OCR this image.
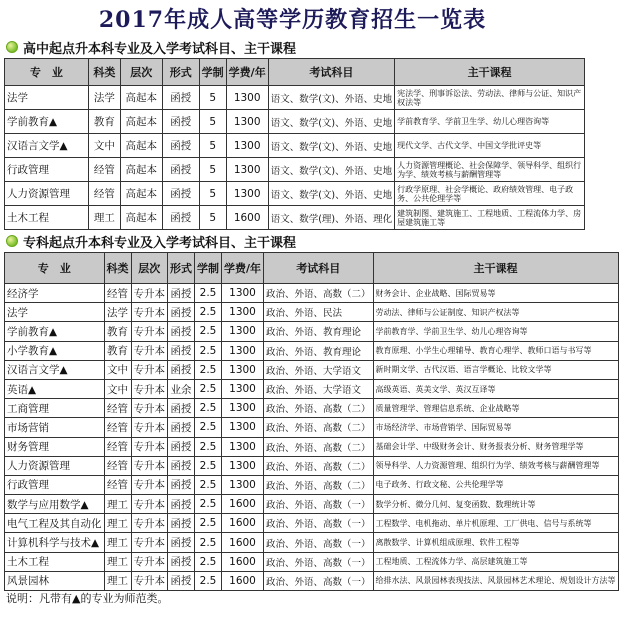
2017年成人高等学历教育招生一览表
高中起点升本科专业及入学考试科目、主干课程
专　业	科类	层次	形式	学制	学费/年	考试科目	主干课程
法学	法学	高起本	函授	5	1300	语文、数学(文)、外语、史地	宪法学、刑事诉讼法、劳动法、律师与公证、知识产权法等
学前教育▲	教育	高起本	函授	5	1300	语文、数学(文)、外语、史地	学前教育学、学前卫生学、幼儿心理咨询等
汉语言文学▲	文中	高起本	函授	5	1300	语文、数学(文)、外语、史地	现代文学、古代文学、中国文学批评史等
行政管理	经管	高起本	函授	5	1300	语文、数学(文)、外语、史地	人力资源管理概论、社会保障学、领导科学、组织行为学、绩效考核与薪酬管理等
人力资源管理	经管	高起本	函授	5	1300	语文、数学(文)、外语、史地	行政学原理、社会学概论、政府绩效管理、电子政务、公共伦理学等
土木工程	理工	高起本	函授	5	1600	语文、数学(理)、外语、理化	建筑制图、建筑施工、工程地质、工程流体力学、房屋建筑施工等
专科起点升本科专业及入学考试科目、主干课程
专　业	科类	层次	形式	学制	学费/年	考试科目	主干课程
经济学	经管	专升本	函授	2.5	1300	政治、外语、高数（二）	财务会计、企业战略、国际贸易等
法学	法学	专升本	函授	2.5	1300	政治、外语、民法	劳动法、律师与公证制度、知识产权法等
学前教育▲	教育	专升本	函授	2.5	1300	政治、外语、教育理论	学前教育学、学前卫生学、幼儿心理咨询等
小学教育▲	教育	专升本	函授	2.5	1300	政治、外语、教育理论	教育原理、小学生心理辅导、教育心理学、教师口语与书写等
汉语言文学▲	文中	专升本	函授	2.5	1300	政治、外语、大学语文	新时期文学、古代汉语、语言学概论、比较文学等
英语▲	文中	专升本	业余	2.5	1300	政治、外语、大学语文	高级英语、英美文学、英汉互译等
工商管理	经管	专升本	函授	2.5	1300	政治、外语、高数（二）	质量管理学、管理信息系统、企业战略等
市场营销	经管	专升本	函授	2.5	1300	政治、外语、高数（二）	市场经济学、市场营销学、国际贸易等
财务管理	经管	专升本	函授	2.5	1300	政治、外语、高数（二）	基础会计学、中级财务会计、财务报表分析、财务管理学等
人力资源管理	经管	专升本	函授	2.5	1300	政治、外语、高数（二）	领导科学、人力资源管理、组织行为学、绩效考核与薪酬管理等
行政管理	经管	专升本	函授	2.5	1300	政治、外语、高数（二）	电子政务、行政文秘、公共伦理学等
数学与应用数学▲	理工	专升本	函授	2.5	1600	政治、外语、高数（一）	数学分析、微分几何、复变函数、数理统计等
电气工程及其自动化	理工	专升本	函授	2.5	1600	政治、外语、高数（一）	工程数学、电机拖动、单片机原理、工厂供电、信号与系统等
计算机科学与技术▲	理工	专升本	函授	2.5	1600	政治、外语、高数（一）	离散数学、计算机组成原理、软件工程等
土木工程	理工	专升本	函授	2.5	1600	政治、外语、高数（一）	工程地质、工程流体力学、高层建筑施工等
风景园林	理工	专升本	函授	2.5	1600	政治、外语、高数（一）	给排水法、风景园林表现技法、风景园林艺术理论、规划设计方法等
说明：凡带有▲的专业为师范类。
